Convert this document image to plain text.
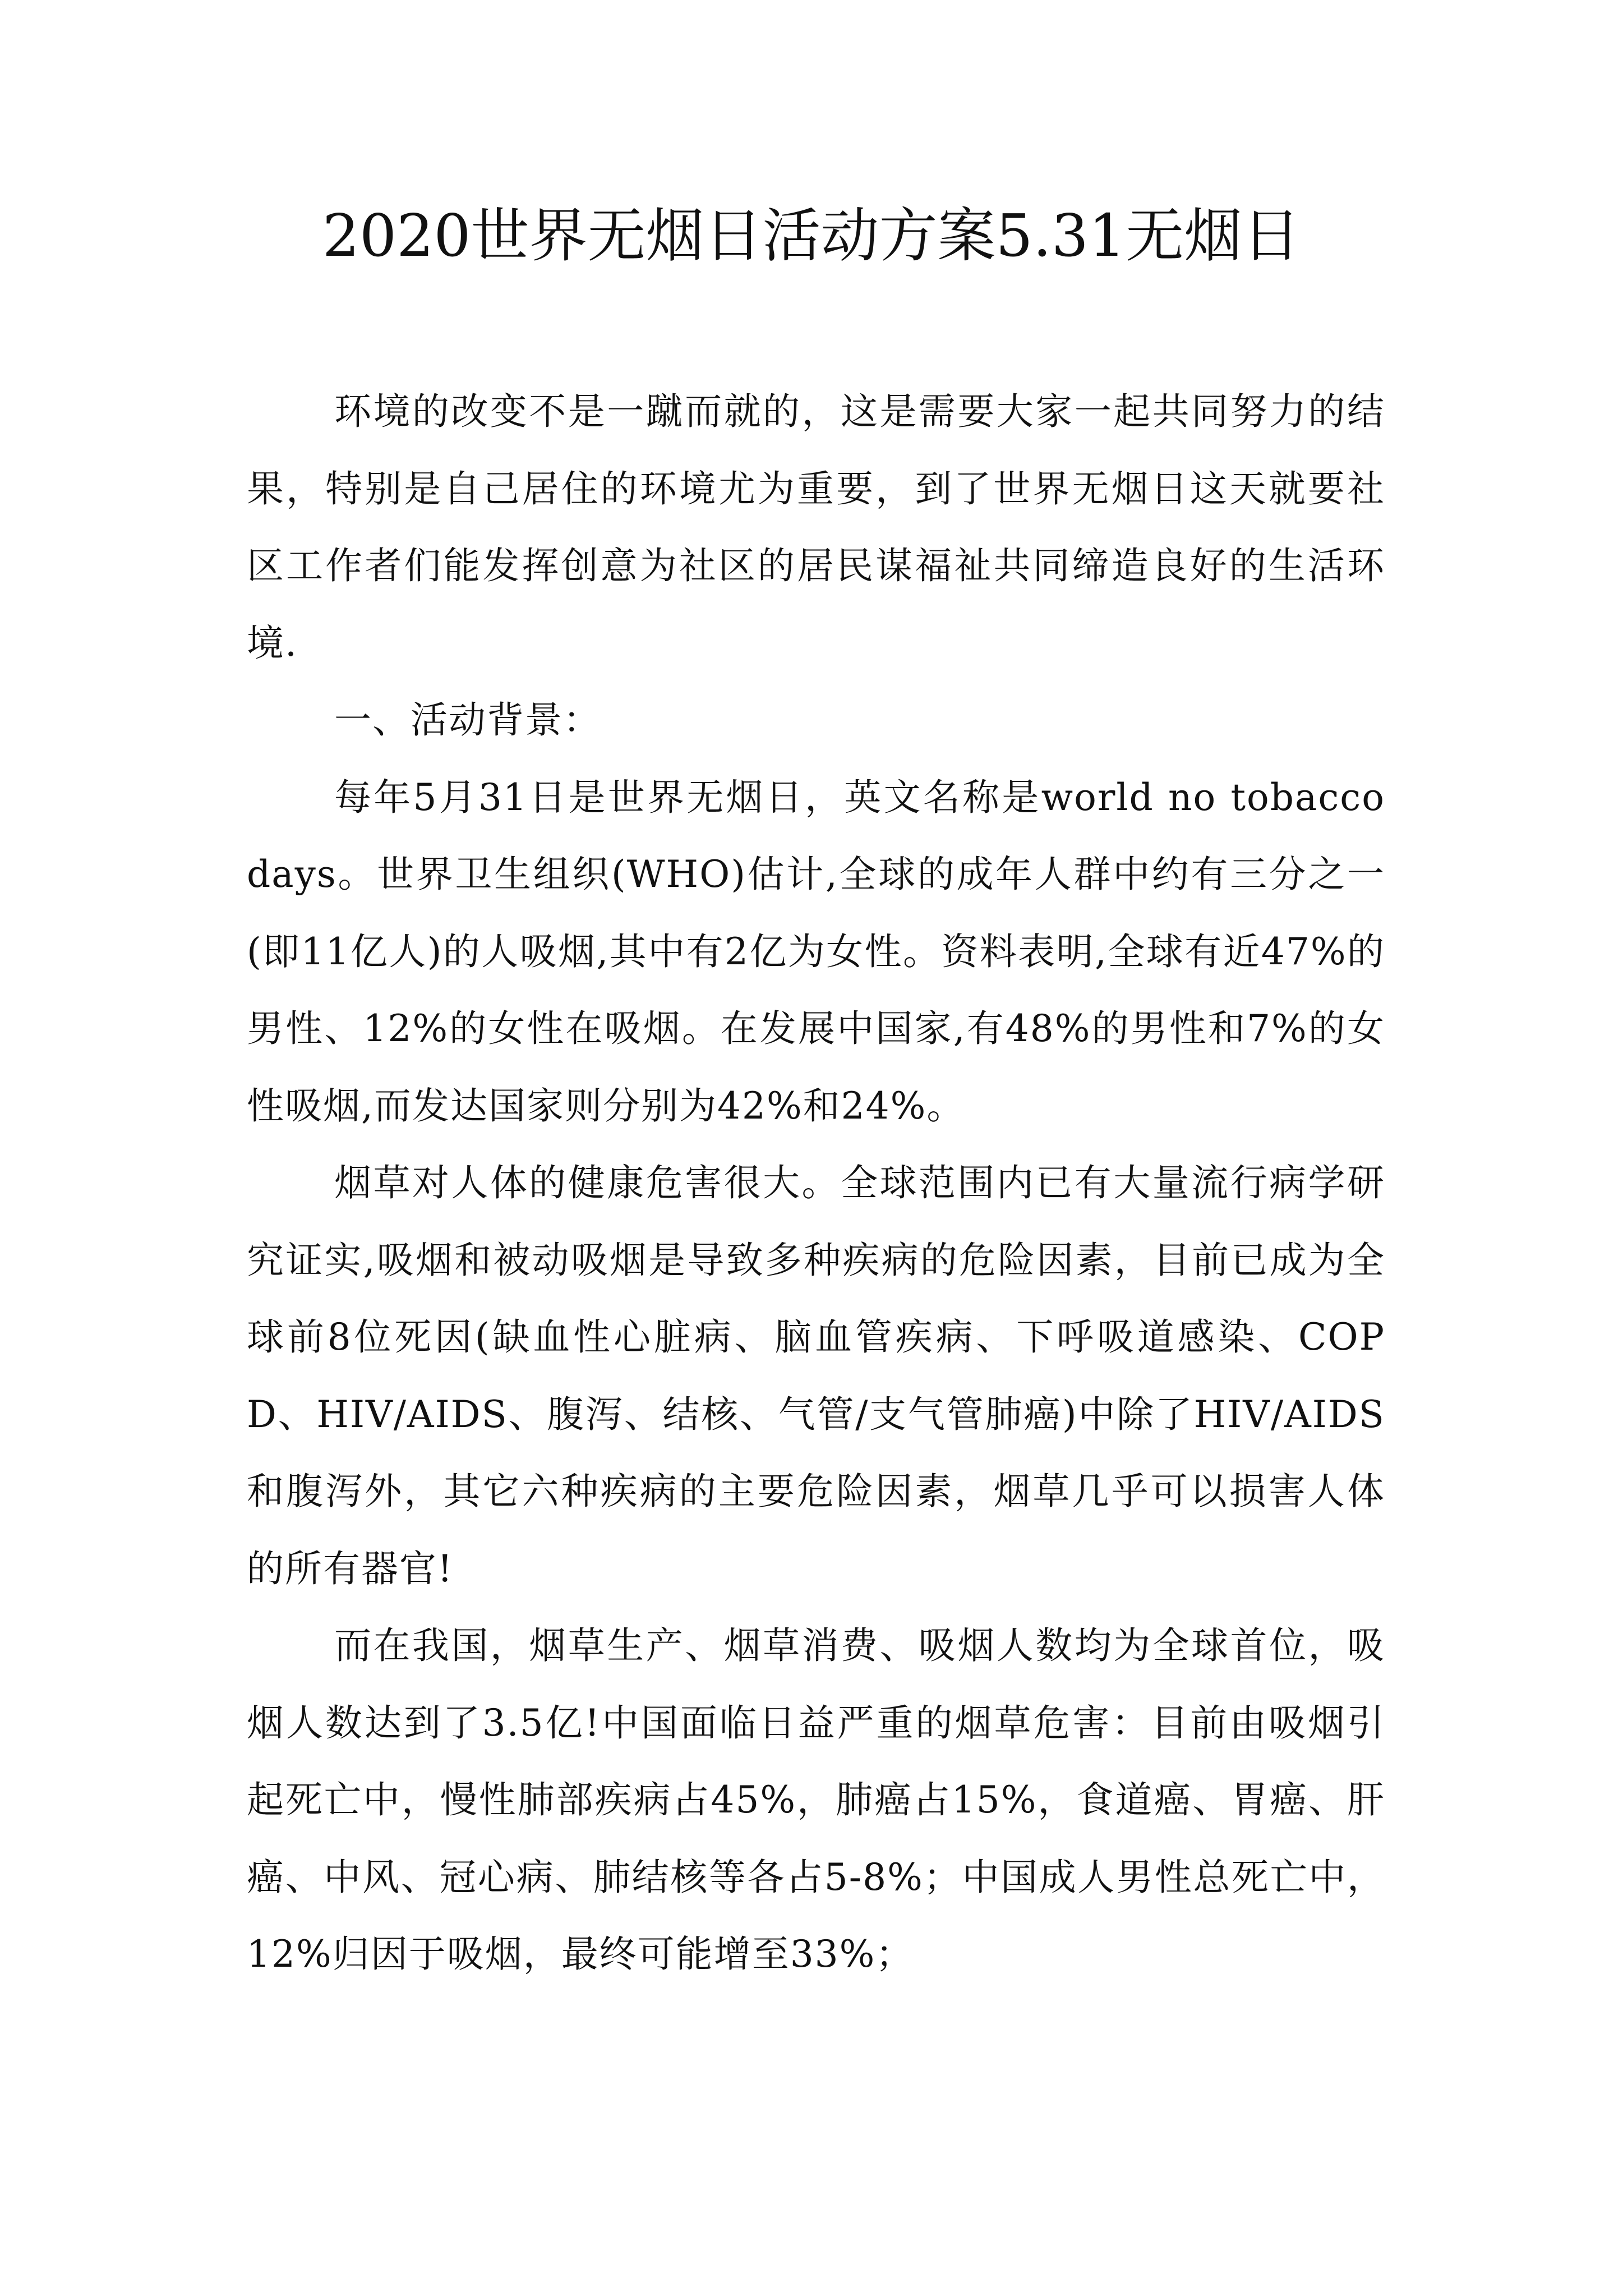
2020世界无烟日活动方案5.31无烟日

环境的改变不是一蹴而就的，这是需要大家一起共同努力的结果，特别是自己居住的环境尤为重要，到了世界无烟日这天就要社区工作者们能发挥创意为社区的居民谋福祉共同缔造良好的生活环境.

一、活动背景：

每年5月31日是世界无烟日，英文名称是world no tobacco days。世界卫生组织(WHO)估计,全球的成年人群中约有三分之一(即11亿人)的人吸烟,其中有2亿为女性。资料表明,全球有近47%的男性、12%的女性在吸烟。在发展中国家,有48%的男性和7%的女性吸烟,而发达国家则分别为42%和24%。

烟草对人体的健康危害很大。全球范围内已有大量流行病学研究证实,吸烟和被动吸烟是导致多种疾病的危险因素，目前已成为全球前8位死因(缺血性心脏病、脑血管疾病、下呼吸道感染、COPD、HIV/AIDS、腹泻、结核、气管/支气管肺癌)中除了HIV/AIDS和腹泻外，其它六种疾病的主要危险因素，烟草几乎可以损害人体的所有器官!

而在我国，烟草生产、烟草消费、吸烟人数均为全球首位，吸烟人数达到了3.5亿!中国面临日益严重的烟草危害：目前由吸烟引起死亡中，慢性肺部疾病占45%，肺癌占15%，食道癌、胃癌、肝癌、中风、冠心病、肺结核等各占5-8%；中国成人男性总死亡中，12%归因于吸烟，最终可能增至33%；
